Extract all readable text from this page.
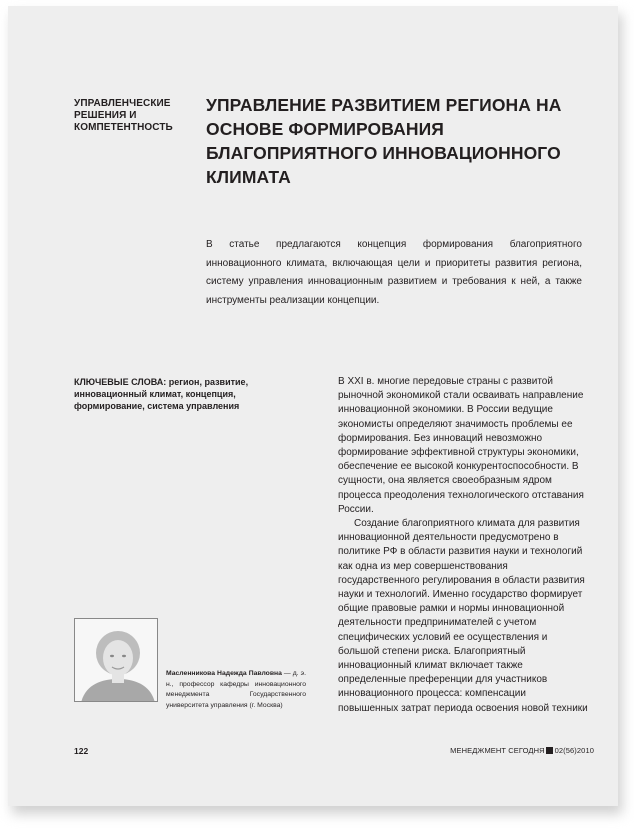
УПРАВЛЕНЧЕСКИЕ РЕШЕНИЯ И КОМПЕТЕНТНОСТЬ
УПРАВЛЕНИЕ РАЗВИТИЕМ РЕГИОНА НА ОСНОВЕ ФОРМИРОВАНИЯ БЛАГОПРИЯТНОГО ИННОВАЦИОННОГО КЛИМАТА

В статье предлагаются концепция формирования благоприятного инновационного климата, включающая цели и приоритеты развития региона, систему управления инновационным развитием и требования к ней, а также инструменты реализации концепции.

КЛЮЧЕВЫЕ СЛОВА: регион, развитие, инновационный климат, концепция, формирование, система управления

В XXI в. многие передовые страны с развитой рыночной экономикой стали осваивать направление инновационной экономики. В России ведущие экономисты определяют значимость проблемы ее формирования. Без инноваций невозможно формирование эффективной структуры экономики, обеспечение ее высокой конкурентоспособности. В сущности, она является своеобразным ядром процесса преодоления технологического отставания России.

Создание благоприятного климата для развития инновационной деятельности предусмотрено в политике РФ в области развития науки и технологий как одна из мер совершенствования государственного регулирования в области развития науки и технологий. Именно государство формирует общие правовые рамки и нормы инновационной деятельности предпринимателей с учетом специфических условий ее осуществления и большой степени риска. Благоприятный инновационный климат включает также определенные преференции для участников инновационного процесса: компенсации повышенных затрат периода освоения новой техники

Масленникова Надежда Павловна — д. э. н., профессор кафедры инновационного менеджмента Государственного университета управления (г. Москва)

122	МЕНЕДЖМЕНТ СЕГОДНЯ 02(56)2010
